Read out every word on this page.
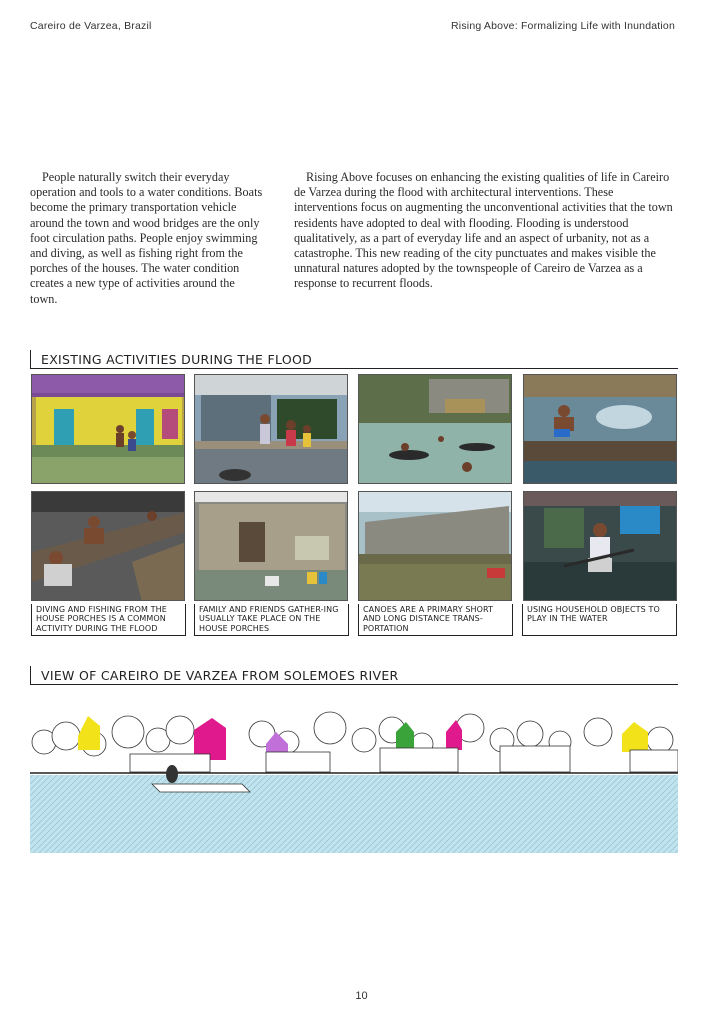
Careiro de Varzea, Brazil	Rising Above: Formalizing Life with Inundation

People naturally switch their everyday operation and tools to a water conditions. Boats become the primary transportation vehicle around the town and wood bridges are the only foot circulation paths. People enjoy swimming and diving, as well as fishing right from the porches of the houses. The water condition creates a new type of activities around the town.

Rising Above focuses on enhancing the existing qualities of life in Careiro de Varzea during the flood with architectural interventions. These interventions focus on augmenting the unconventional activities that the town residents have adopted to deal with flooding. Flooding is understood qualitatively, as a part of everyday life and an aspect of urbanity, not as a catastrophe. This new reading of the city punctuates and makes visible the unnatural natures adopted by the townspeople of Careiro de Varzea as a response to recurrent floods.

EXISTING ACTIVITIES DURING THE FLOOD
DIVING AND FISHING FROM THE HOUSE PORCHES IS A COMMON ACTIVITY DURING THE FLOOD
FAMILY AND FRIENDS GATHER-ING USUALLY TAKE PLACE ON THE HOUSE PORCHES
CANOES ARE A PRIMARY SHORT AND LONG DISTANCE TRANS-PORTATION
USING HOUSEHOLD OBJECTS TO PLAY IN THE WATER
VIEW OF CAREIRO DE VARZEA FROM SOLEMOES RIVER
10
